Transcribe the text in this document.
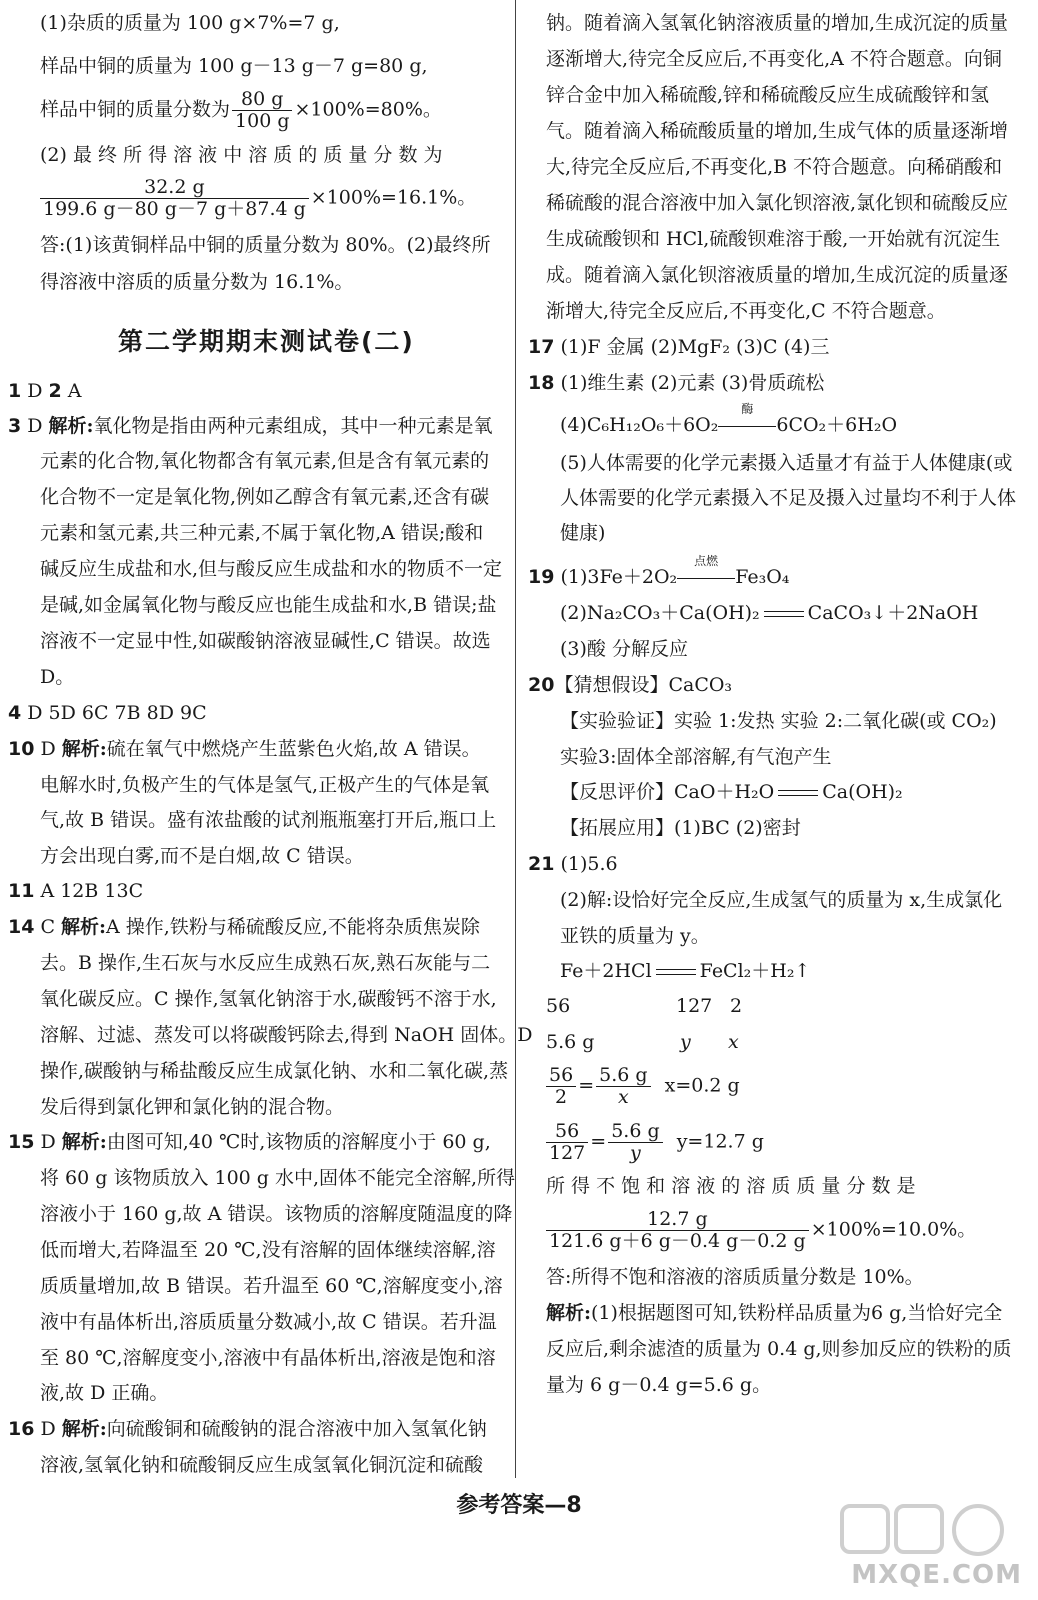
(1)杂质的质量为 100 g×7%=7 g,
样品中铜的质量为 100 g－13 g－7 g=80 g,
样品中铜的质量分数为 $\frac{80 g}{100 g} \times 100\%=80\%$。
(2) 最 终 所 得 溶 液 中 溶 质 的 质 量 分 数 为
$\frac{32.2 g}{199.6 g-80 g-7 g+87.4 g} \times 100\%=16.1\%$。
答:(1)该黄铜样品中铜的质量分数为 80%。(2)最终所
得溶液中溶质的质量分数为 16.1%。
第二学期期末测试卷(二)
1 D 2 A
3 D 解析:氧化物是指由两种元素组成，其中一种元素是氧
元素的化合物,氧化物都含有氧元素,但是含有氧元素的
化合物不一定是氧化物,例如乙醇含有氧元素,还含有碳
元素和氢元素,共三种元素,不属于氧化物,A 错误;酸和
碱反应生成盐和水,但与酸反应生成盐和水的物质不一定
是碱,如金属氧化物与酸反应也能生成盐和水,B 错误;盐
溶液不一定显中性,如碳酸钠溶液显碱性,C 错误。故选
D。
4 D 5D 6C 7B 8D 9C
10 D 解析:硫在氧气中燃烧产生蓝紫色火焰,故 A 错误。
电解水时,负极产生的气体是氢气,正极产生的气体是氧
气,故 B 错误。盛有浓盐酸的试剂瓶瓶塞打开后,瓶口上
方会出现白雾,而不是白烟,故 C 错误。
11 A 12B 13C
14 C 解析:A 操作,铁粉与稀硫酸反应,不能将杂质焦炭除
去。B 操作,生石灰与水反应生成熟石灰,熟石灰能与二
氧化碳反应。C 操作,氢氧化钠溶于水,碳酸钙不溶于水,
溶解、过滤、蒸发可以将碳酸钙除去,得到 NaOH 固体。D
操作,碳酸钠与稀盐酸反应生成氯化钠、水和二氧化碳,蒸
发后得到氯化钾和氯化钠的混合物。
15 D 解析:由图可知,40 ℃时,该物质的溶解度小于 60 g,
将 60 g 该物质放入 100 g 水中,固体不能完全溶解,所得
溶液小于 160 g,故 A 错误。该物质的溶解度随温度的降
低而增大,若降温至 20 ℃,没有溶解的固体继续溶解,溶
质质量增加,故 B 错误。若升温至 60 ℃,溶解度变小,溶
液中有晶体析出,溶质质量分数减小,故 C 错误。若升温
至 80 ℃,溶解度变小,溶液中有晶体析出,溶液是饱和溶
液,故 D 正确。
16 D 解析:向硫酸铜和硫酸钠的混合溶液中加入氢氧化钠
溶液,氢氧化钠和硫酸铜反应生成氢氧化铜沉淀和硫酸
钠。随着滴入氢氧化钠溶液质量的增加,生成沉淀的质量
逐渐增大,待完全反应后,不再变化,A 不符合题意。向铜
锌合金中加入稀硫酸,锌和稀硫酸反应生成硫酸锌和氢
气。随着滴入稀硫酸质量的增加,生成气体的质量逐渐增
大,待完全反应后,不再变化,B 不符合题意。向稀硝酸和
稀硫酸的混合溶液中加入氯化钡溶液,氯化钡和硫酸反应
生成硫酸钡和 HCl,硫酸钡难溶于酸,一开始就有沉淀生
成。随着滴入氯化钡溶液质量的增加,生成沉淀的质量逐
渐增大,待完全反应后,不再变化,C 不符合题意。
17 (1)F 金属 (2)MgF₂ (3)C (4)三
18 (1)维生素 (2)元素 (3)骨质疏松
(4)C₆H₁₂O₆＋6O₂
酶
6CO₂＋6H₂O
(5)人体需要的化学元素摄入适量才有益于人体健康(或
人体需要的化学元素摄入不足及摄入过量均不利于人体
健康)
19 (1)3Fe＋2O₂
点燃
Fe₃O₄
(2)Na₂CO₃＋Ca(OH)₂	CaCO₃↓＋2NaOH
(3)酸 分解反应
20【猜想假设】CaCO₃
【实验验证】实验 1:发热 实验 2:二氧化碳(或 CO₂)
实验3:固体全部溶解,有气泡产生
【反思评价】CaO＋H₂O	Ca(OH)₂
【拓展应用】(1)BC (2)密封
21 (1)5.6
(2)解:设恰好完全反应,生成氢气的质量为 x,生成氯化
亚铁的质量为 y。
Fe＋2HCl	FeCl₂＋H₂↑
56	127 2
5.6 g	y x
$\frac{56}{2} = \frac{5.6 g}{x} x=0.2$ g
$\frac{56}{127} = \frac{5.6 g}{y} y=12.7$ g
所 得 不 饱 和 溶 液 的 溶 质 质 量 分 数 是
$\frac{12.7 g}{121.6 g+6 g-0.4 g-0.2 g} \times 100\%=10.0\%$。
答:所得不饱和溶液的溶质质量分数是 10%。
解析:(1)根据题图可知,铁粉样品质量为6 g,当恰好完全
反应后,剩余滤渣的质量为 0.4 g,则参加反应的铁粉的质
量为 6 g－0.4 g=5.6 g。
参考答案—8
MXQE.COM
